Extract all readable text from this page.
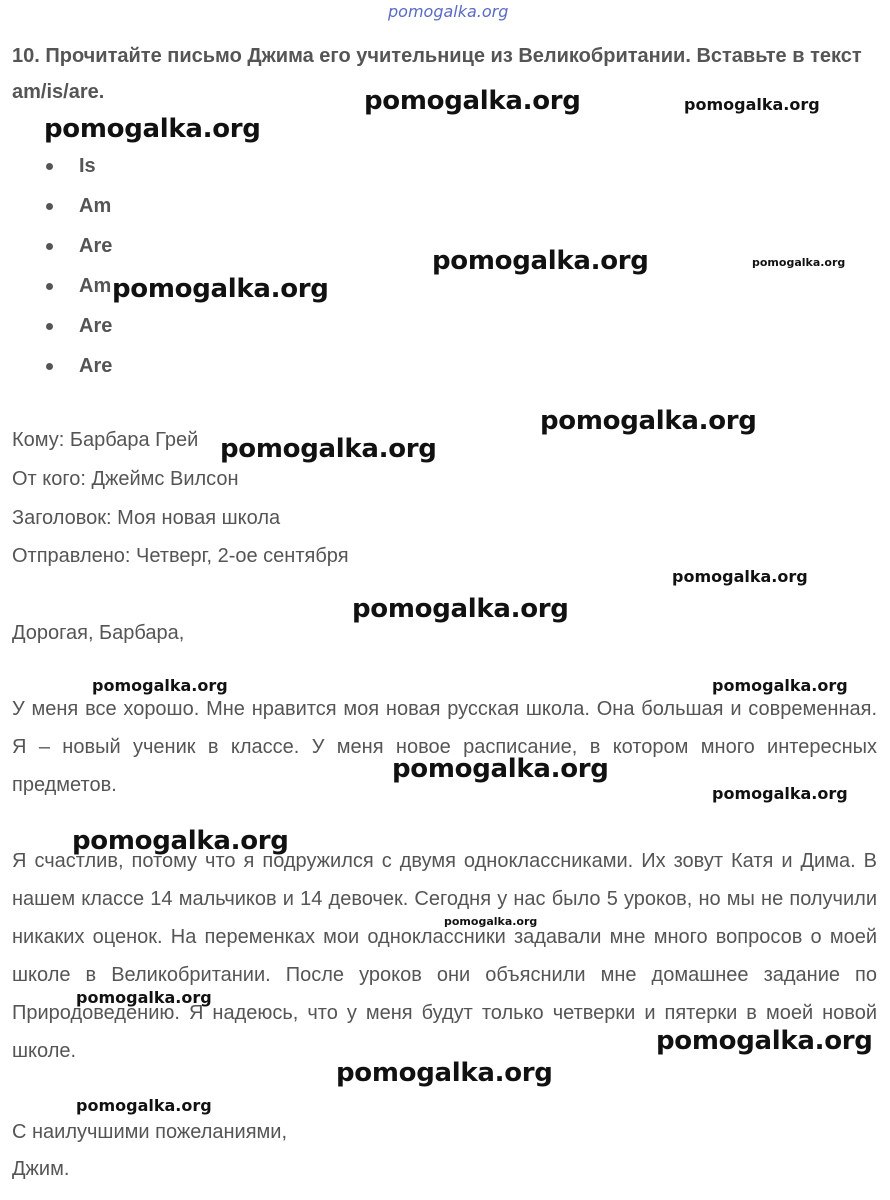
10. Прочитайте письмо Джима его учительнице из Великобритании. Вставьте в текст am/is/are.
Is
Am
Are
Am
Are
Are
Кому: Барбара Грей
От кого: Джеймс Вилсон
Заголовок: Моя новая школа
Отправлено: Четверг, 2-ое сентября
Дорогая, Барбара,
У меня все хорошо. Мне нравится моя новая русская школа. Она большая и современная. Я – новый ученик в классе. У меня новое расписание, в котором много интересных предметов.
Я счастлив, потому что я подружился с двумя одноклассниками. Их зовут Катя и Дима. В нашем классе 14 мальчиков и 14 девочек. Сегодня у нас было 5 уроков, но мы не получили никаких оценок. На переменках мои одноклассники задавали мне много вопросов о моей школе в Великобритании. После уроков они объяснили мне домашнее задание по Природоведению. Я надеюсь, что у меня будут только четверки и пятерки в моей новой школе.
С наилучшими пожеланиями,
Джим.
pomogalka.org
pomogalka.org	pomogalka.org
pomogalka.org
pomogalka.org	pomogalka.org
pomogalka.org
pomogalka.org
pomogalka.org
pomogalka.org
pomogalka.org
pomogalka.org	pomogalka.org
pomogalka.org
pomogalka.org
pomogalka.org
pomogalka.org
pomogalka.org
pomogalka.org
pomogalka.org
pomogalka.org
